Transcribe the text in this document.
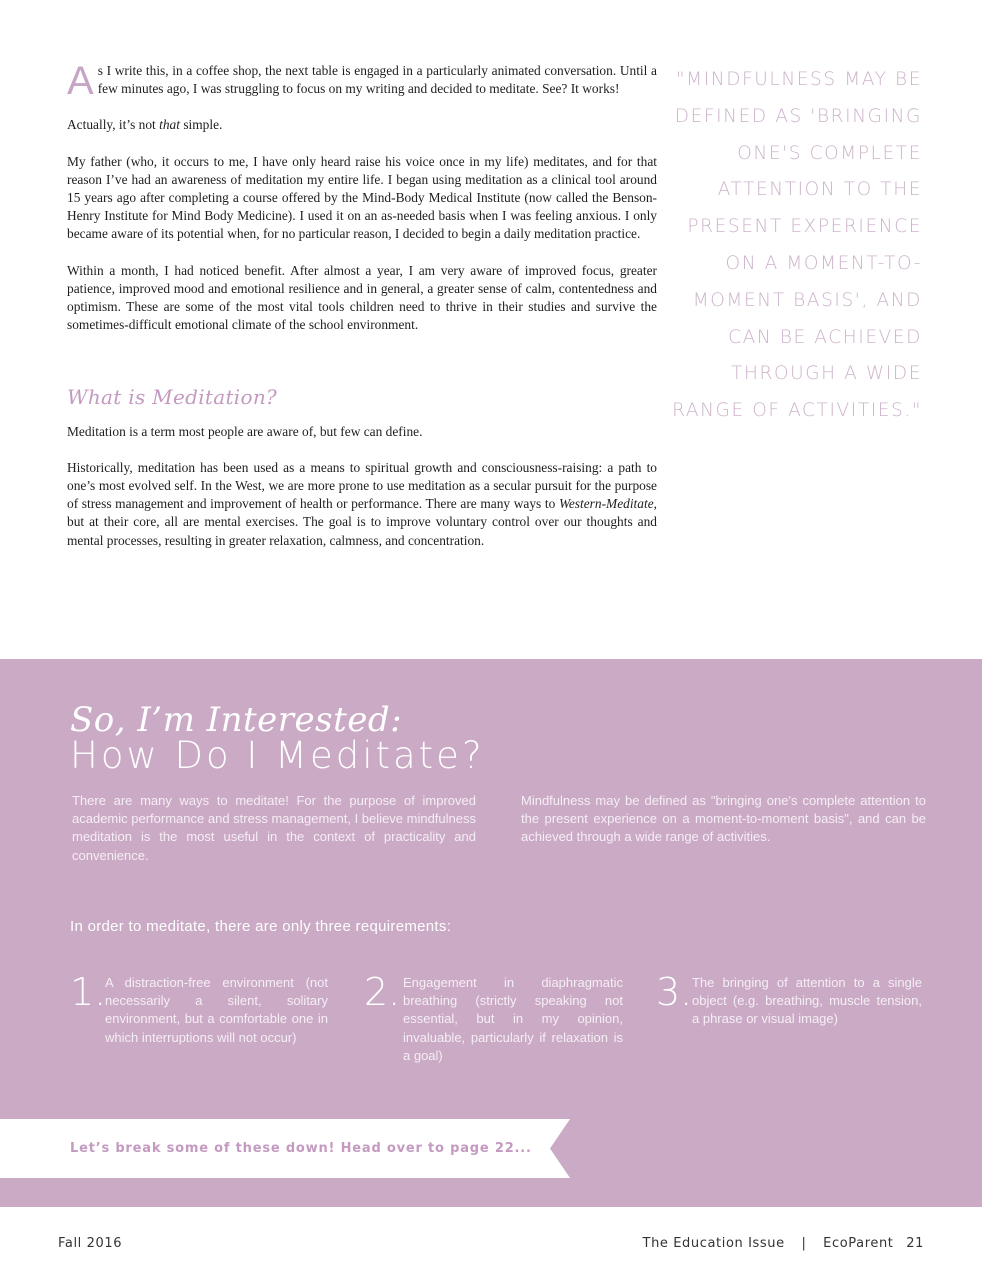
A s I write this, in a coffee shop, the next table is engaged in a particularly animated conversation. Until a few minutes ago, I was struggling to focus on my writing and decided to meditate. See? It works!

Actually, it’s not that simple.

My father (who, it occurs to me, I have only heard raise his voice once in my life) meditates, and for that reason I’ve had an awareness of meditation my entire life. I began using meditation as a clinical tool around 15 years ago after completing a course offered by the Mind-Body Medical Institute (now called the Benson-Henry Institute for Mind Body Medicine). I used it on an as-needed basis when I was feeling anxious. I only became aware of its potential when, for no particular reason, I decided to begin a daily meditation practice.

Within a month, I had noticed benefit. After almost a year, I am very aware of improved focus, greater patience, improved mood and emotional resilience and in general, a greater sense of calm, contentedness and optimism. These are some of the most vital tools children need to thrive in their studies and survive the sometimes-difficult emotional climate of the school environment.

What is Meditation?

Meditation is a term most people are aware of, but few can define.

Historically, meditation has been used as a means to spiritual growth and consciousness-raising: a path to one’s most evolved self. In the West, we are more prone to use meditation as a secular pursuit for the purpose of stress management and improvement of health or performance. There are many ways to Western-Meditate, but at their core, all are mental exercises. The goal is to improve voluntary control over our thoughts and mental processes, resulting in greater relaxation, calmness, and concentration.

"MINDFULNESS MAY BE DEFINED AS 'BRINGING ONE'S COMPLETE ATTENTION TO THE PRESENT EXPERIENCE ON A MOMENT-TO-MOMENT BASIS', AND CAN BE ACHIEVED THROUGH A WIDE RANGE OF ACTIVITIES."
So, I’m Interested:
How Do I Meditate?
There are many ways to meditate! For the purpose of improved academic performance and stress management, I believe mindfulness meditation is the most useful in the context of practicality and convenience.
Mindfulness may be defined as "bringing one's complete attention to the present experience on a moment-to-moment basis", and can be achieved through a wide range of activities.
In order to meditate, there are only three requirements:
1.
A distraction-free environment (not necessarily a silent, solitary environment, but a comfortable one in which interruptions will not occur)
2. Engagement in diaphragmatic breathing (strictly speaking not essential, but in my opinion, invaluable, particularly if relaxation is a goal)
3. The bringing of attention to a single object (e.g. breathing, muscle tension, a phrase or visual image)
Let’s break some of these down! Head over to page 22...
Fall 2016	The Education Issue | EcoParent 21
